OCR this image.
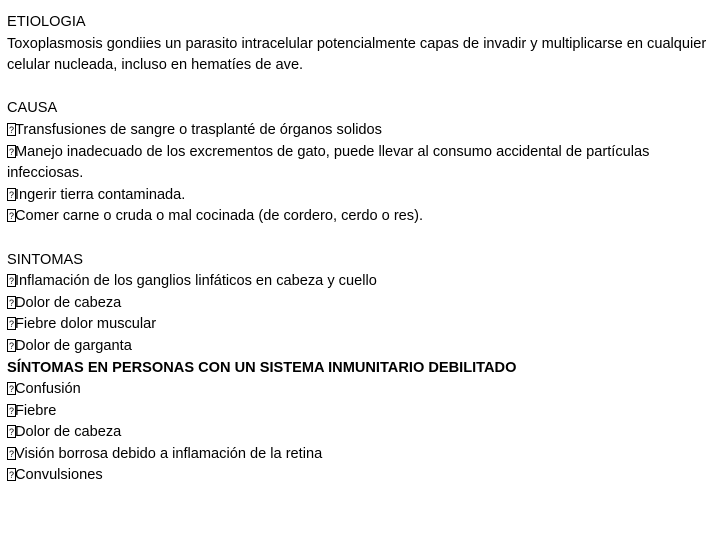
ETIOLOGIA
Toxoplasmosis gondiies un parasito intracelular potencialmente capas de invadir y multiplicarse en cualquier celular nucleada, incluso en hematíes de ave.
CAUSA
?Transfusiones de sangre o trasplanté de órganos solidos
?Manejo inadecuado de los excrementos de gato, puede llevar al consumo accidental de partículas infecciosas.
?Ingerir tierra contaminada.
?Comer carne o cruda o mal cocinada (de cordero, cerdo o res).
SINTOMAS
?Inflamación de los ganglios linfáticos en cabeza y cuello
?Dolor de cabeza
?Fiebre dolor muscular
?Dolor de garganta
SÍNTOMAS EN PERSONAS CON UN SISTEMA INMUNITARIO DEBILITADO
?Confusión
?Fiebre
?Dolor de cabeza
?Visión borrosa debido a inflamación de la retina
?Convulsiones
